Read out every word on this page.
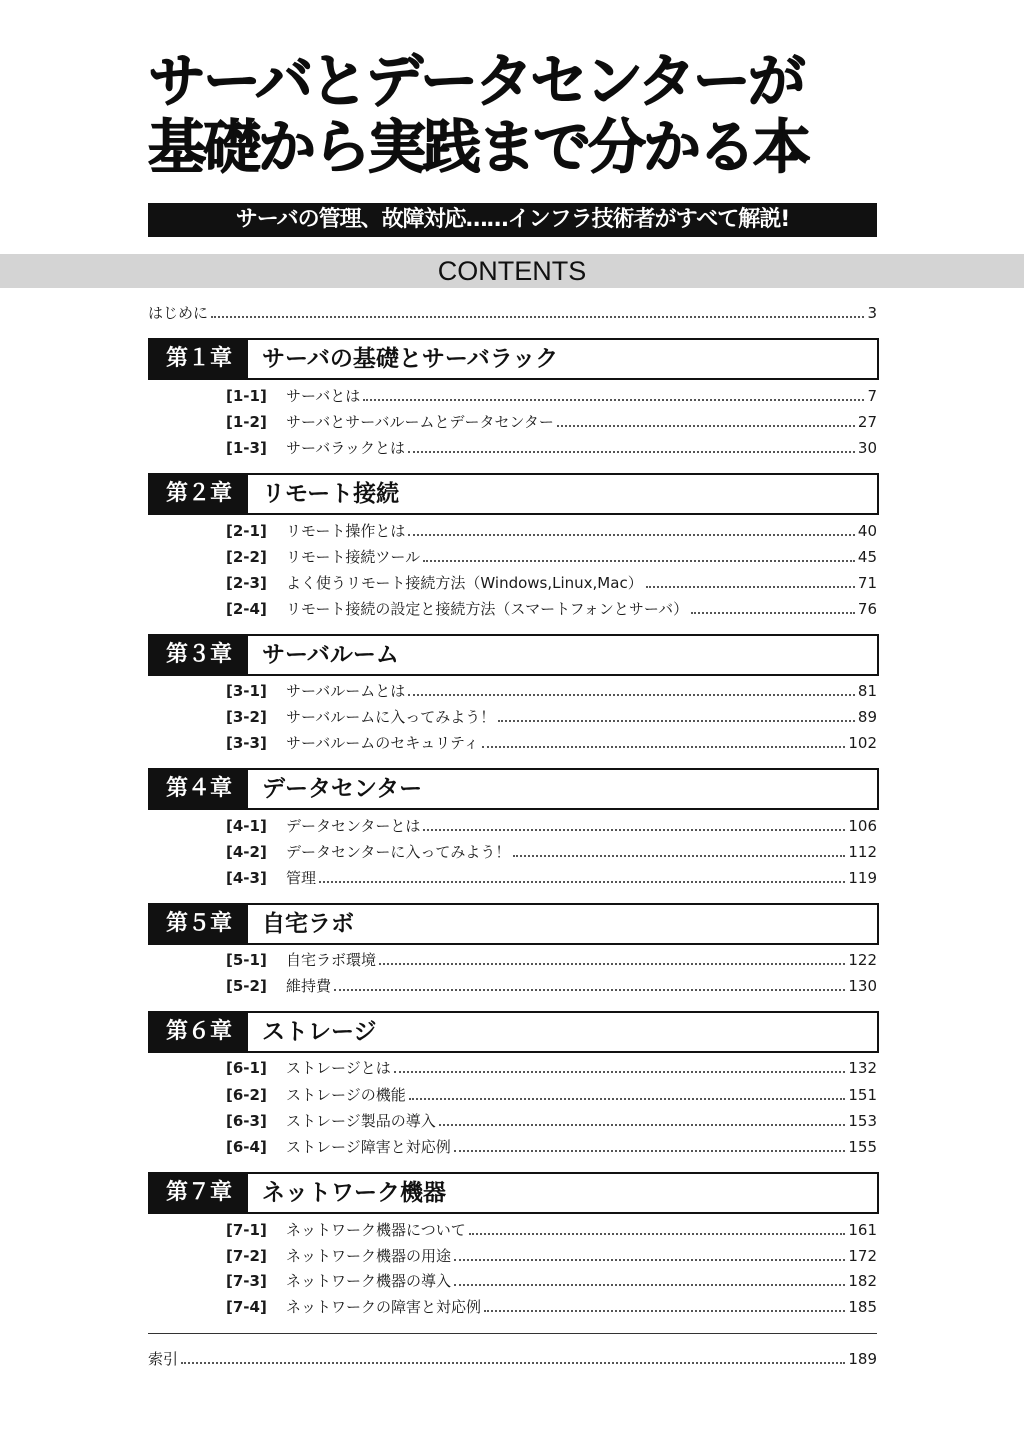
サーバとデータセンターが
基礎から実践まで分かる本
サーバの管理、故障対応……インフラ技術者がすべて解説!
CONTENTS
はじめに	3
第１章	サーバの基礎とサーバラック
[1-1]	サーバとは	7
[1-2]	サーバとサーバルームとデータセンター	27
[1-3]	サーバラックとは	30
第２章	リモート接続
[2-1]	リモート操作とは	40
[2-2]	リモート接続ツール	45
[2-3]	よく使うリモート接続方法（Windows,Linux,Mac）	71
[2-4]	リモート接続の設定と接続方法（スマートフォンとサーバ）	76
第３章	サーバルーム
[3-1]	サーバルームとは	81
[3-2]	サーバルームに入ってみよう！	89
[3-3]	サーバルームのセキュリティ	102
第４章	データセンター
[4-1]	データセンターとは	106
[4-2]	データセンターに入ってみよう！	112
[4-3]	管理	119
第５章	自宅ラボ
[5-1]	自宅ラボ環境	122
[5-2]	維持費	130
第６章	ストレージ
[6-1]	ストレージとは	132
[6-2]	ストレージの機能	151
[6-3]	ストレージ製品の導入	153
[6-4]	ストレージ障害と対応例	155
第７章	ネットワーク機器
[7-1]	ネットワーク機器について	161
[7-2]	ネットワーク機器の用途	172
[7-3]	ネットワーク機器の導入	182
[7-4]	ネットワークの障害と対応例	185
索引	189
